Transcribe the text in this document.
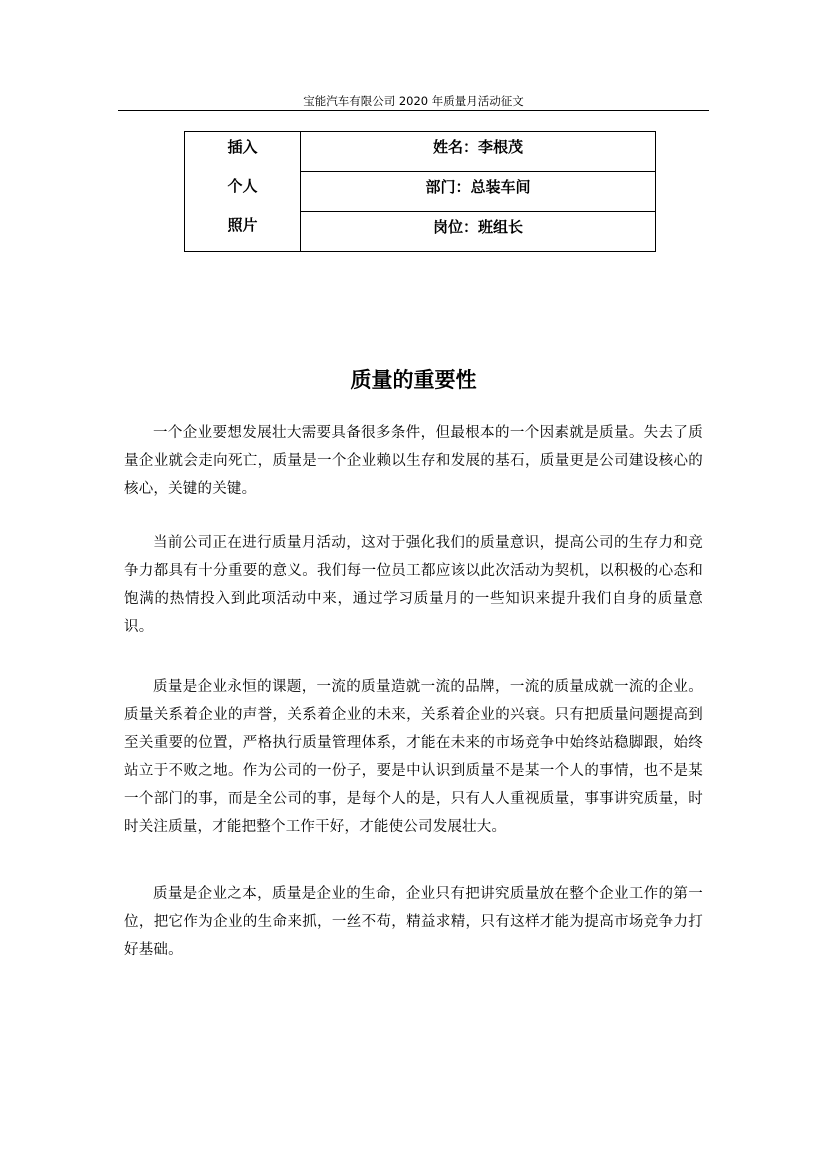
宝能汽车有限公司 2020 年质量月活动征文
插入
个人
照片
	姓名：李根茂
部门：总装车间
岗位：班组长
质量的重要性

一个企业要想发展壮大需要具备很多条件，但最根本的一个因素就是质量。失去了质量企业就会走向死亡，质量是一个企业赖以生存和发展的基石，质量更是公司建设核心的核心，关键的关键。

当前公司正在进行质量月活动，这对于强化我们的质量意识，提高公司的生存力和竞争力都具有十分重要的意义。我们每一位员工都应该以此次活动为契机，以积极的心态和饱满的热情投入到此项活动中来，通过学习质量月的一些知识来提升我们自身的质量意识。

质量是企业永恒的课题，一流的质量造就一流的品牌，一流的质量成就一流的企业。质量关系着企业的声誉，关系着企业的未来，关系着企业的兴衰。只有把质量问题提高到至关重要的位置，严格执行质量管理体系，才能在未来的市场竞争中始终站稳脚跟，始终站立于不败之地。作为公司的一份子，要是中认识到质量不是某一个人的事情，也不是某一个部门的事，而是全公司的事，是每个人的是，只有人人重视质量，事事讲究质量，时时关注质量，才能把整个工作干好，才能使公司发展壮大。

质量是企业之本，质量是企业的生命，企业只有把讲究质量放在整个企业工作的第一位，把它作为企业的生命来抓，一丝不苟，精益求精，只有这样才能为提高市场竞争力打好基础。
